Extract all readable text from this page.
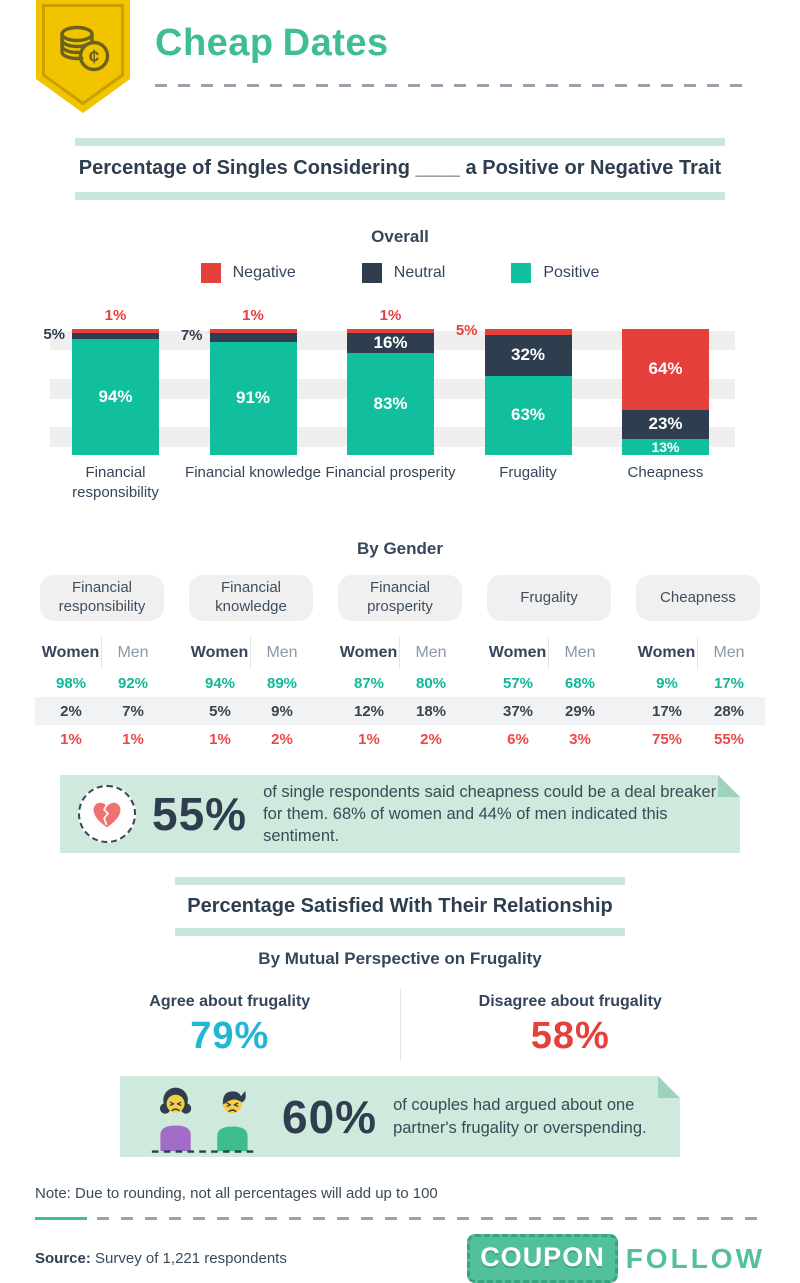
¢ Cheap Dates
Percentage of Singles Considering ____ a Positive or Negative Trait
Overall
Negative	Neutral	Positive
1%
5%
94%
1%
7%
91%
1%
16%
83%
5%
32%
63%
64%
23%
13%
Financial responsibility
Financial knowledge Financial prosperity	Frugality	Cheapness
By Gender
Financial responsibility
Financial knowledge
Financial prosperity
Frugality	Cheapness
Women	Men	Women	Men	Women	Men	Women	Men	Women	Men
98%	92%	94%	89%	87%	80%	57%	68%	9%	17%
2%	7%	5%	9%	12%	18%	37%	29%	17%	28%
1%	1%	1%	2%	1%	2%	6%	3%	75%	55%
55% of single respondents said cheapness could be a deal breaker for them. 68% of women and 44% of men indicated this sentiment.
Percentage Satisfied With Their Relationship
By Mutual Perspective on Frugality
Agree about frugality
79%
Disagree about frugality
58%
60% of couples had argued about one partner's frugality or overspending.
Note: Due to rounding, not all percentages will add up to 100
Source: Survey of 1,221 respondents	COUPON FOLLOW
